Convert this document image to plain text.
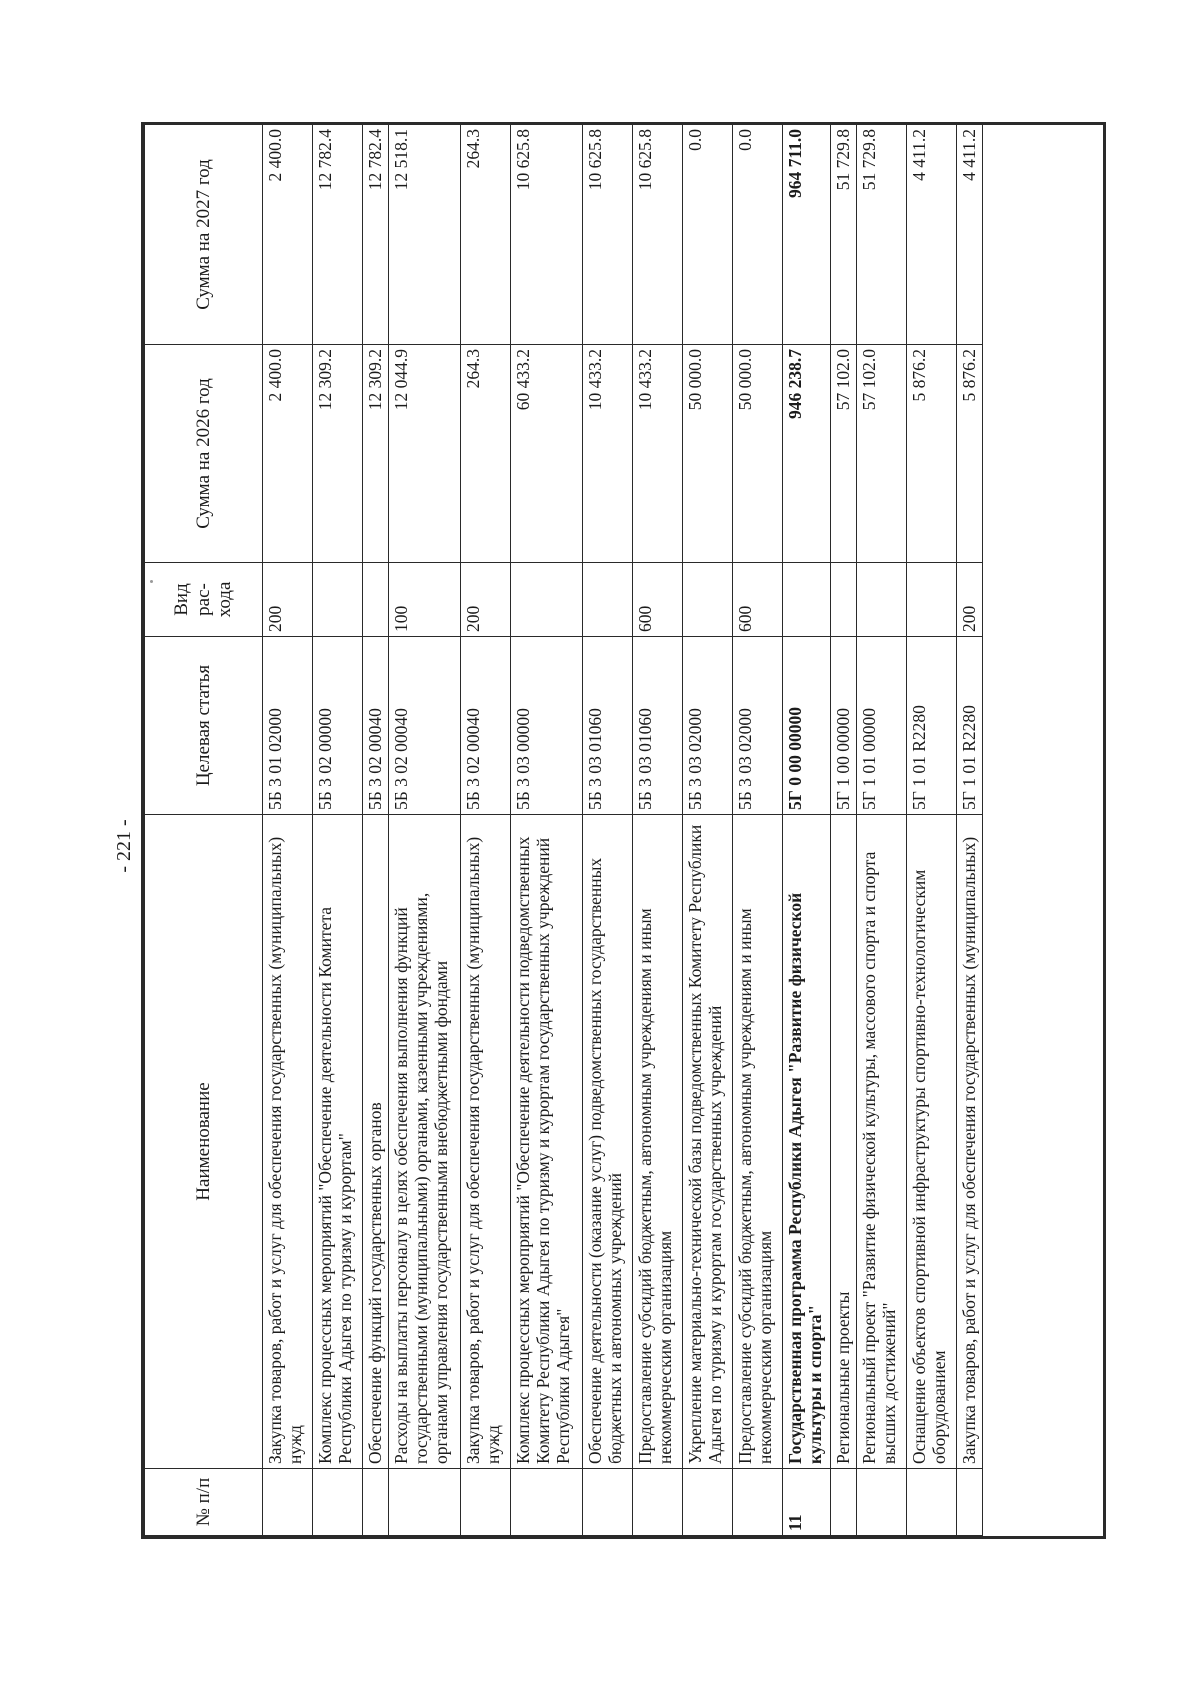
- 221 -
№ п/п	Наименование	Целевая статья	Вид рас- хода	Сумма на 2026 год	Сумма на 2027 год
	Закупка товаров, работ и услуг для обеспечения государственных (муниципальных) нужд	5Б 3 01 02000	200	2 400.0	2 400.0
	Комплекс процессных мероприятий "Обеспечение деятельности Комитета Республики Адыгея по туризму и курортам"	5Б 3 02 00000		12 309.2	12 782.4
	Обеспечение функций государственных органов	5Б 3 02 00040		12 309.2	12 782.4
	Расходы на выплаты персоналу в целях обеспечения выполнения функций государственными (муниципальными) органами, казенными учреждениями, органами управления государственными внебюджетными фондами	5Б 3 02 00040	100	12 044.9	12 518.1
	Закупка товаров, работ и услуг для обеспечения государственных (муниципальных) нужд	5Б 3 02 00040	200	264.3	264.3
	Комплекс процессных мероприятий "Обеспечение деятельности подведомственных Комитету Республики Адыгея по туризму и курортам государственных учреждений Республики Адыгея"	5Б 3 03 00000		60 433.2	10 625.8
	Обеспечение деятельности (оказание услуг) подведомственных государственных бюджетных и автономных учреждений	5Б 3 03 01060		10 433.2	10 625.8
	Предоставление субсидий бюджетным, автономным учреждениям и иным некоммерческим организациям	5Б 3 03 01060	600	10 433.2	10 625.8
	Укрепление материально-технической базы подведомственных Комитету Республики Адыгея по туризму и курортам государственных учреждений	5Б 3 03 02000		50 000.0	0.0
	Предоставление субсидий бюджетным, автономным учреждениям и иным некоммерческим организациям	5Б 3 03 02000	600	50 000.0	0.0
11	Государственная программа Республики Адыгея "Развитие физической культуры и спорта"	5Г 0 00 00000		946 238.7	964 711.0
	Региональные проекты	5Г 1 00 00000		57 102.0	51 729.8
	Региональный проект "Развитие физической культуры, массового спорта и спорта высших достижений"	5Г 1 01 00000		57 102.0	51 729.8
	Оснащение объектов спортивной инфраструктуры спортивно-технологическим оборудованием	5Г 1 01 R2280		5 876.2	4 411.2
	Закупка товаров, работ и услуг для обеспечения государственных (муниципальных)	5Г 1 01 R2280	200	5 876.2	4 411.2
